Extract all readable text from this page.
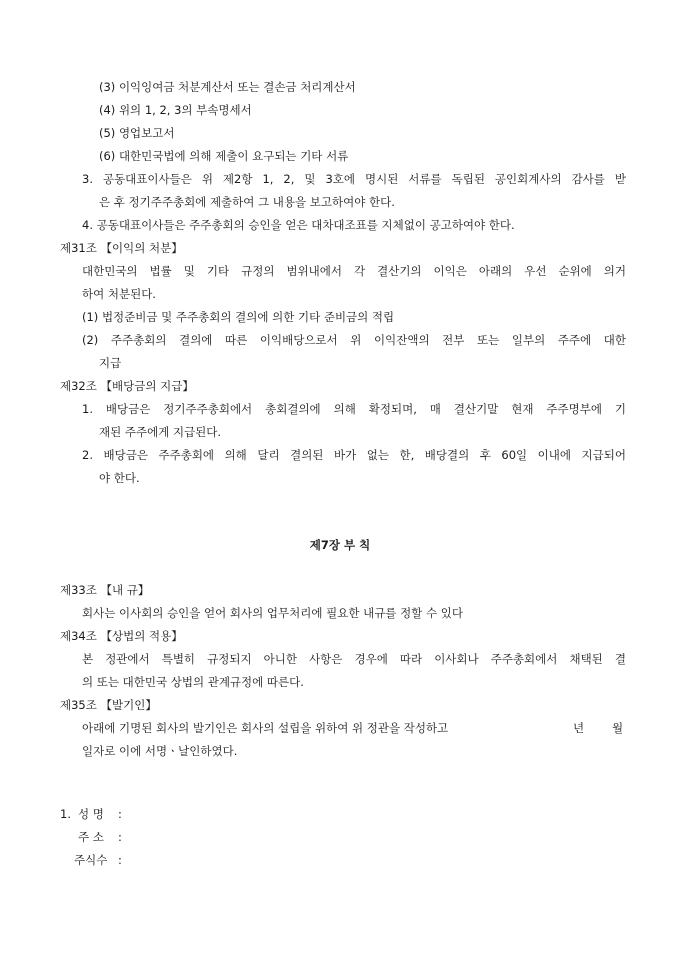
(3) 이익잉여금 처분계산서 또는 결손금 처리계산서
(4) 위의 1, 2, 3의 부속명세서
(5) 영업보고서
(6) 대한민국법에 의해 제출이 요구되는 기타 서류
3. 공동대표이사들은 위 제2항 1, 2, 및 3호에 명시된 서류를 독립된 공인회계사의 감사를 받
은 후 정기주주총회에 제출하여 그 내용을 보고하여야 한다.
4. 공동대표이사들은 주주총회의 승인을 얻은 대차대조표를 지체없이 공고하여야 한다.
제31조 【이익의 처분】
대한민국의 법률 및 기타 규정의 범위내에서 각 결산기의 이익은 아래의 우선 순위에 의거
하여 처분된다.
(1) 법정준비금 및 주주총회의 결의에 의한 기타 준비금의 적립
(2) 주주총회의 결의에 따른 이익배당으로서 위 이익잔액의 전부 또는 일부의 주주에 대한
지급
제32조 【배당금의 지급】
1. 배당금은 정기주주총회에서 총회결의에 의해 확정되며, 매 결산기말 현재 주주명부에 기
재된 주주에게 지급된다.
2. 배당금은 주주총회에 의해 달리 결의된 바가 없는 한, 배당결의 후 60일 이내에 지급되어
야 한다.
제7장 부 칙
제33조 【내 규】
회사는 이사회의 승인을 얻어 회사의 업무처리에 필요한 내규를 정할 수 있다
제34조 【상법의 적용】
본 정관에서 특별히 규정되지 아니한 사항은 경우에 따라 이사회나 주주총회에서 채택된 결
의 또는 대한민국 상법의 관계규정에 따른다.
제35조 【발기인】
아래에 기명된 회사의 발기인은 회사의 설립을 위하여 위 정관을 작성하고	년 월
일자로 이에 서명ㆍ날인하였다.
1. 성 명 :
주 소 :
주식수 :
